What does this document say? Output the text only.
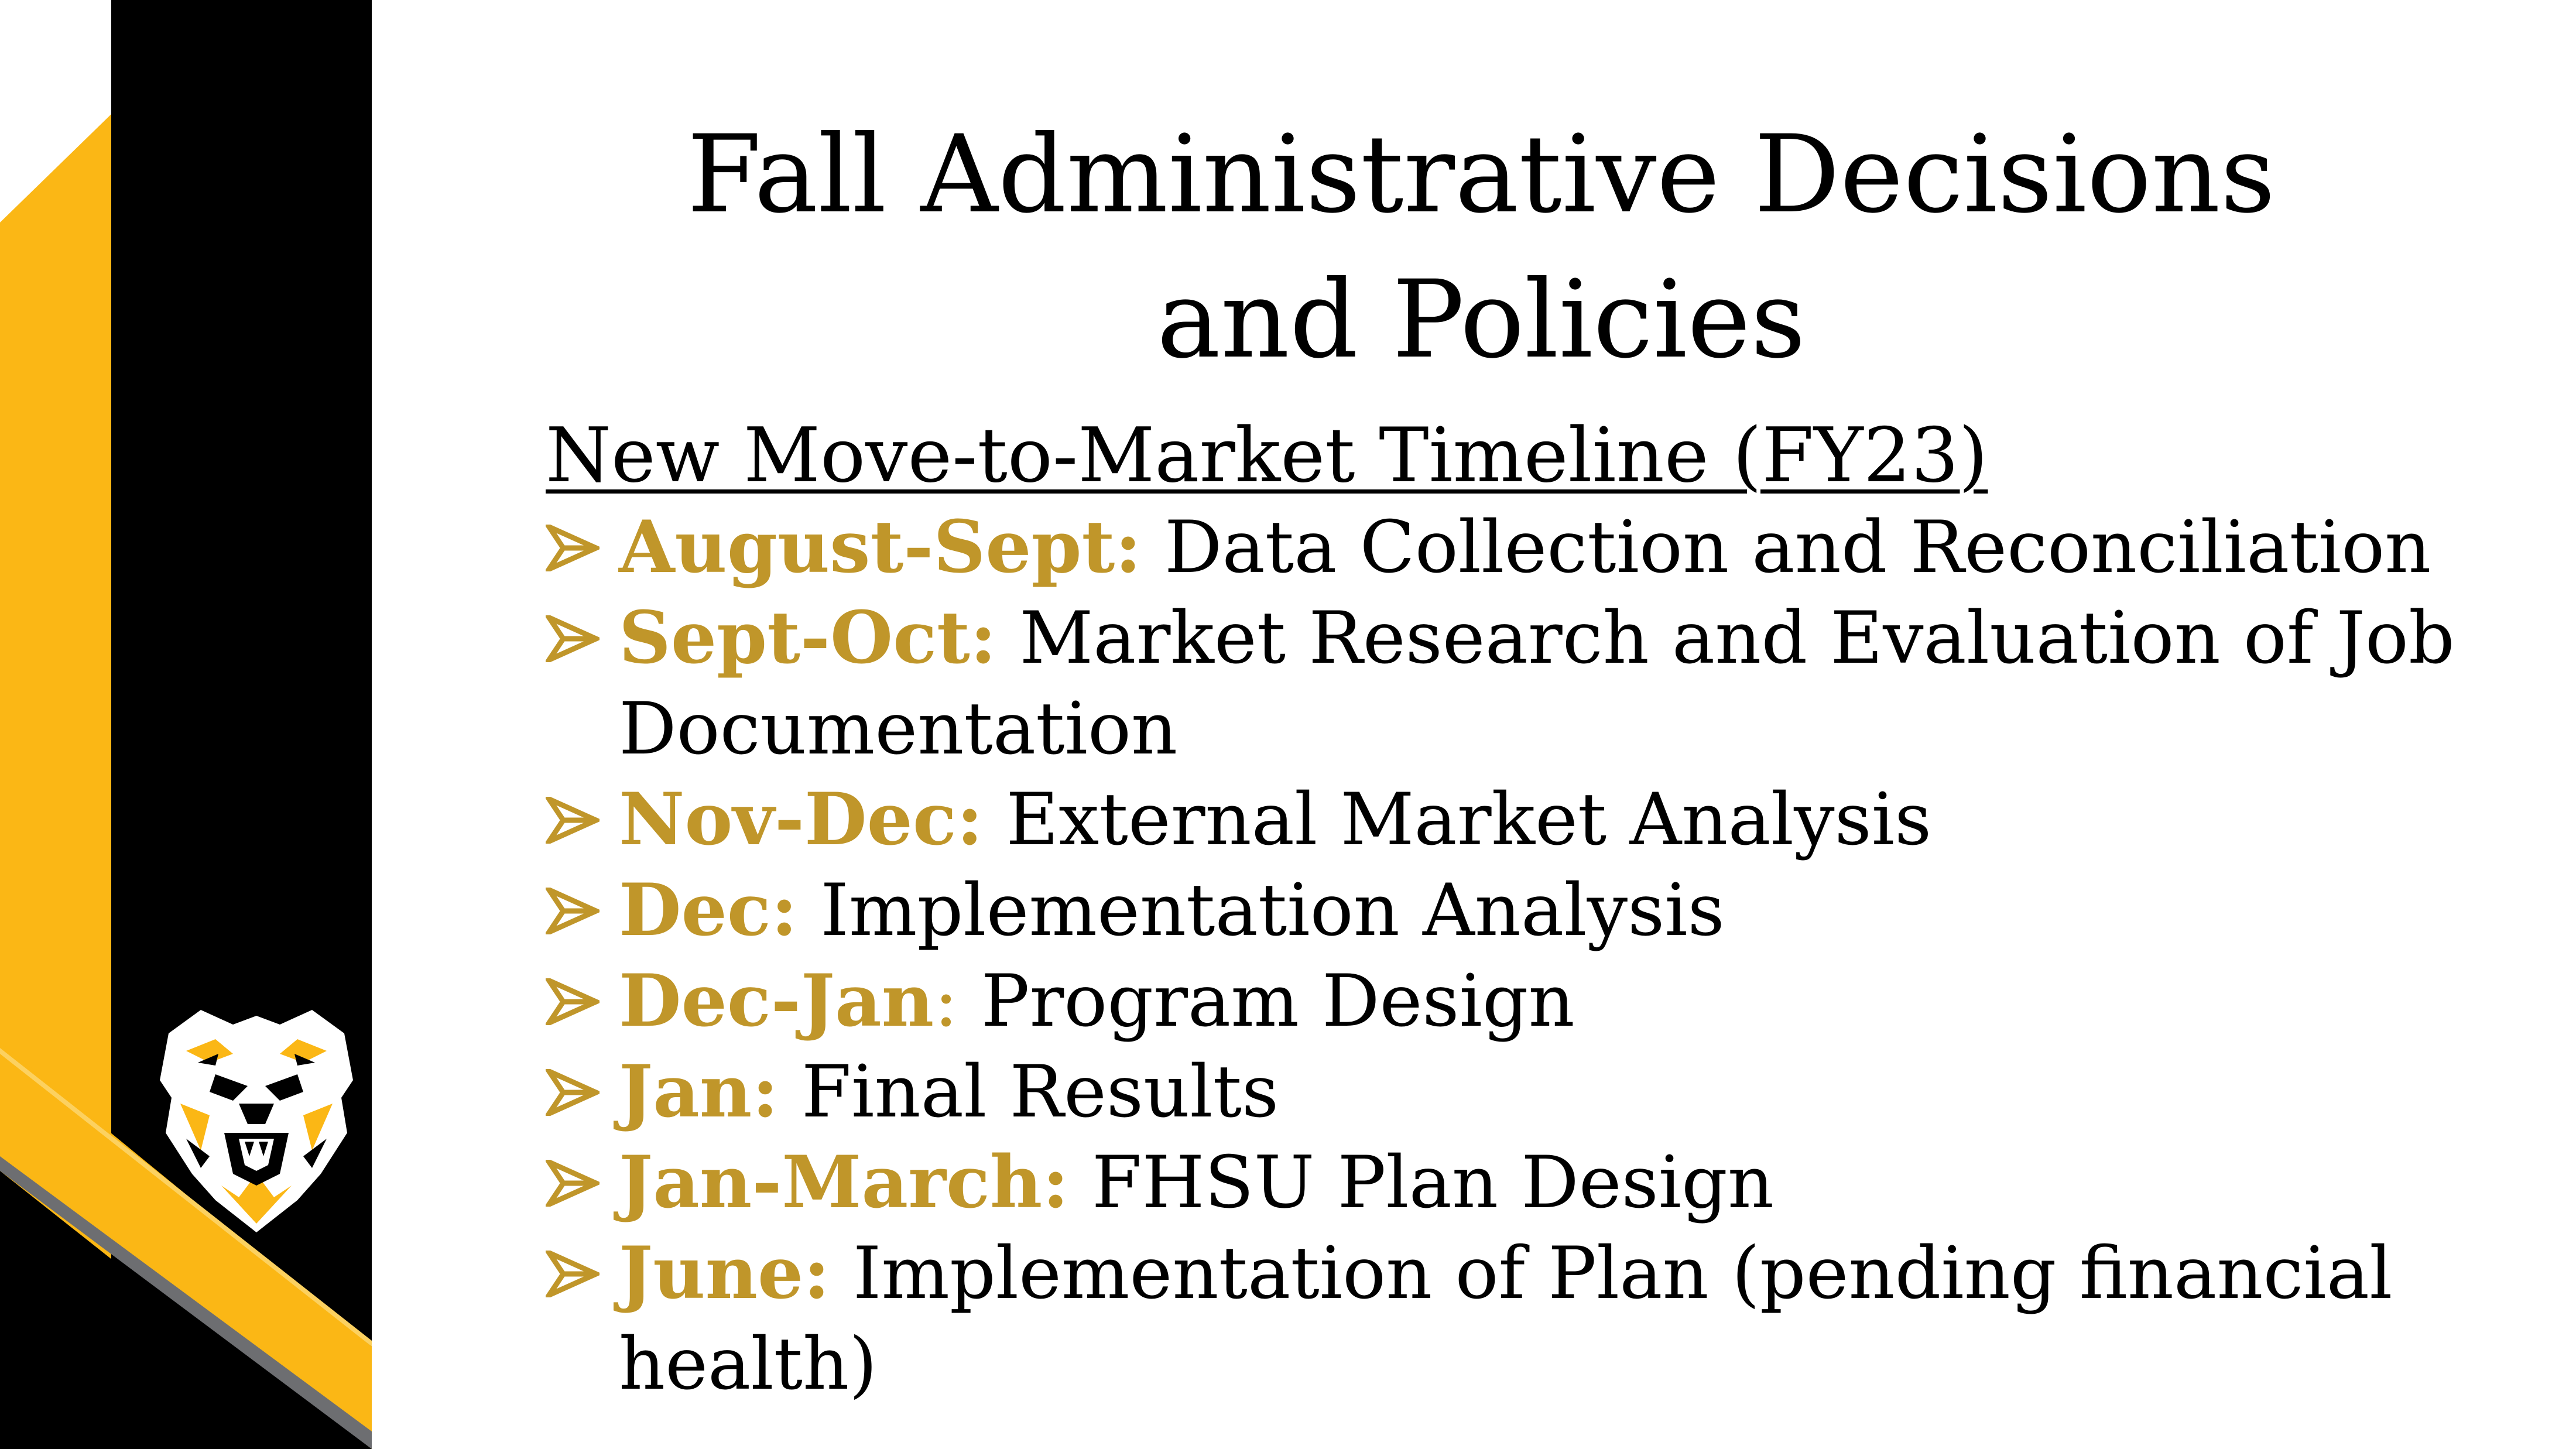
Fall Administrative Decisions
and Policies
New Move-to-Market Timeline (FY23)
August-Sept: Data Collection and Reconciliation
Sept-Oct: Market Research and Evaluation of Job Documentation
Nov-Dec: External Market Analysis
Dec: Implementation Analysis
Dec-Jan: Program Design
Jan: Final Results
Jan-March: FHSU Plan Design
June: Implementation of Plan (pending financial health)
